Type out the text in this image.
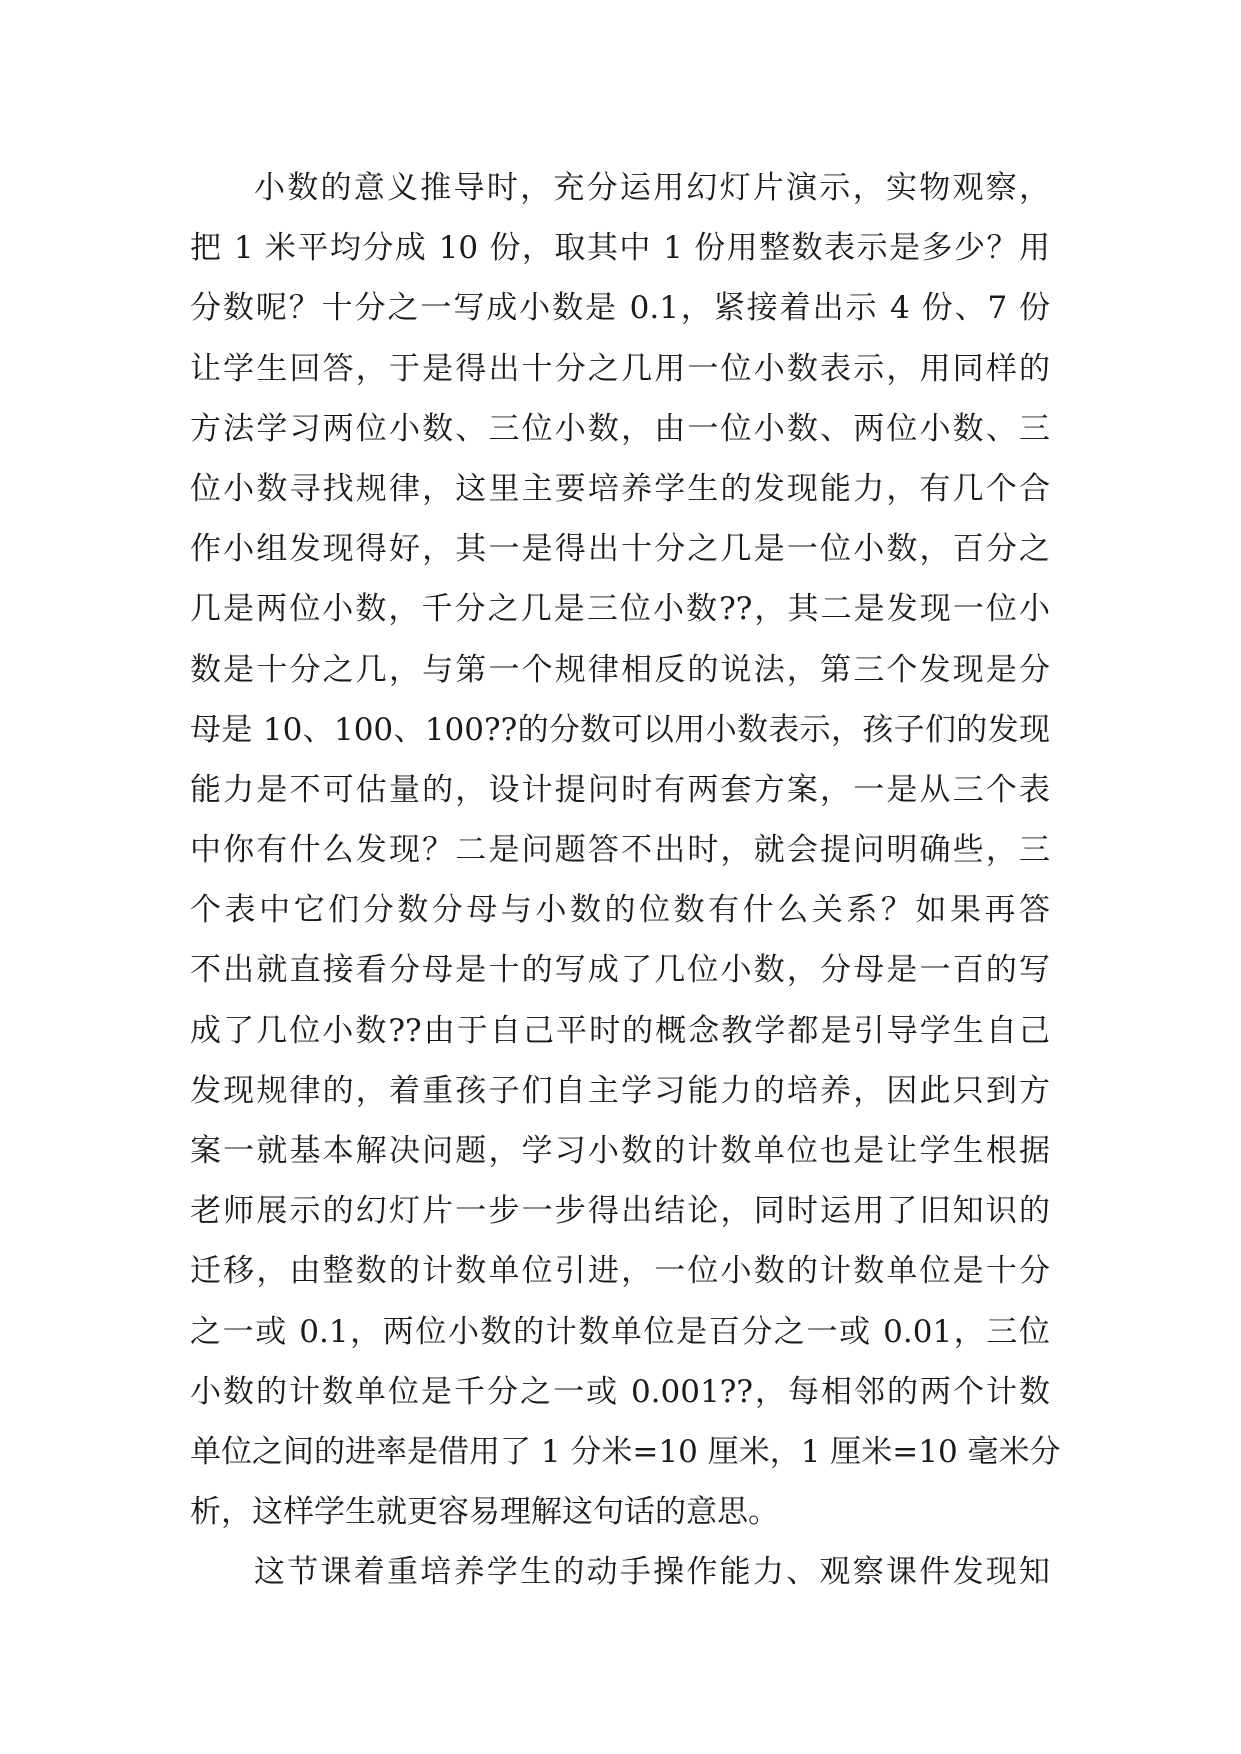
小数的意义推导时，充分运用幻灯片演示，实物观察，
把 1 米平均分成 10 份，取其中 1 份用整数表示是多少？用
分数呢？十分之一写成小数是 0.1，紧接着出示 4 份、7 份
让学生回答，于是得出十分之几用一位小数表示，用同样的
方法学习两位小数、三位小数，由一位小数、两位小数、三
位小数寻找规律，这里主要培养学生的发现能力，有几个合
作小组发现得好，其一是得出十分之几是一位小数，百分之
几是两位小数，千分之几是三位小数??，其二是发现一位小
数是十分之几，与第一个规律相反的说法，第三个发现是分
母是 10、100、100??的分数可以用小数表示，孩子们的发现
能力是不可估量的，设计提问时有两套方案，一是从三个表
中你有什么发现？二是问题答不出时，就会提问明确些，三
个表中它们分数分母与小数的位数有什么关系？如果再答
不出就直接看分母是十的写成了几位小数，分母是一百的写
成了几位小数??由于自己平时的概念教学都是引导学生自己
发现规律的，着重孩子们自主学习能力的培养，因此只到方
案一就基本解决问题，学习小数的计数单位也是让学生根据
老师展示的幻灯片一步一步得出结论，同时运用了旧知识的
迁移，由整数的计数单位引进，一位小数的计数单位是十分
之一或 0.1，两位小数的计数单位是百分之一或 0.01，三位
小数的计数单位是千分之一或 0.001??，每相邻的两个计数
单位之间的进率是借用了 1 分米=10 厘米，1 厘米=10 毫米分
析，这样学生就更容易理解这句话的意思。
这节课着重培养学生的动手操作能力、观察课件发现知
